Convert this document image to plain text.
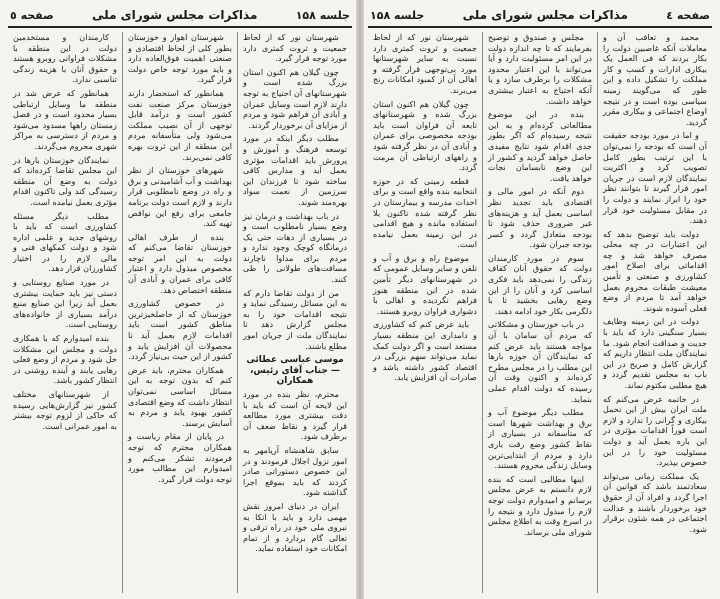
صفحه ٤
مذاکرات مجلس شورای ملی
جلسه ۱۵۸

محمد و تعاقب آن و معاملات آنکه غاصبین دولت را بکار بردند که فی العمل یک بیکاری ادارات و کسب و کار مملکت را تشکیل داده و این طور که می‌گویند زمینه سیاسی بوده است و در نتیجه اوضاع اجتماعی و بیکاری مقرر گردید.

و اما در مورد بودجه حقیقت آن است که بودجه را نمی‌توان با این ترتیب بطور کامل تصویب کرد و اکثریت نمایندگان لازم است در جریان امور قرار گیرند تا بتوانند نظر خود را ابراز نمایند و دولت را در مقابل مسئولیت خود قرار دهند.

دولت باید توضیح بدهد که این اعتبارات در چه محلی مصرف خواهد شد و چه اقداماتی برای اصلاح امور کشاورزی و صنعتی و تأمین معیشت طبقات محروم بعمل خواهد آمد تا مردم از وضع فعلی آسوده شوند.

دولت در این زمینه وظایف بسیار سنگینی دارد که باید با جدیت و صداقت انجام شود. ما نمایندگان ملت انتظار داریم که گزارش کامل و صریح در این باب به مجلس تقدیم گردد و هیچ مطلبی مکتوم نماند.

در خاتمه عرض می‌کنم که ملت ایران بیش از این تحمل بیکاری و گرانی را ندارد و لازم است فوراً اقدامات مؤثری در این باره بعمل آید و دولت مسئولیت خود را در این خصوص بپذیرد.

یک مملکت زمانی می‌تواند سعادتمند باشد که قوانین آن اجرا گردد و افراد آن از حقوق خود برخوردار باشند و عدالت اجتماعی در همه شئون برقرار شود.

مجلس و صندوق و توضیح بفرمایند که تا چه اندازه دولت در این امر مسئولیت دارد و آیا می‌تواند با این اعتبار محدود مشکلات را برطرف سازد و یا آنکه احتیاج به اعتبار بیشتری خواهد داشت.

بنده در این موضوع مطالعاتی کرده‌ام و به این نتیجه رسیده‌ام که اگر بطور جدی اقدام شود نتایج مفیدی حاصل خواهد گردید و کشور از این وضع نابسامان نجات خواهد یافت.

دوم آنکه در امور مالی و اقتصادی باید تجدید نظر اساسی بعمل آید و هزینه‌های غیر ضروری حذف شود تا بودجه متعادل گردد و کسر بودجه جبران شود.

سوم در مورد کارمندان دولت که حقوق آنان کفاف زندگی را نمی‌دهد باید فکری اساسی کرد و آنان را از این وضع رهایی بخشید تا با دلگرمی بکار خود ادامه دهند.

در باب خوزستان و مشکلاتی که مردم آن سامان با آن مواجه هستند باید عرض کنم که نمایندگان آن حوزه بارها این مطلب را در مجلس مطرح کرده‌اند و اکنون وقت آن رسیده که دولت اقدام عملی بنماید.

مطلب دیگر موضوع آب و برق و بهداشت شهرها است که متأسفانه در بسیاری از نقاط کشور وضع رقت باری دارد و مردم از ابتدایی‌ترین وسایل زندگی محروم هستند.

اینها مطالبی است که بنده لازم دانستم به عرض مجلس برسانم و امیدوارم دولت توجه لازم را مبذول دارد و نتیجه را در اسرع وقت به اطلاع مجلس شورای ملی برساند.

شهرستان نور که از لحاظ جمعیت و ثروت کمتری دارد نسبت به سایر شهرستانها مورد بی‌توجهی قرار گرفته و اهالی آن از کمبود امکانات رنج می‌برند.

چون گیلان هم اکنون استان بزرگ شده و شهرستانهای تابعه آن فراوان است باید بودجه مخصوصی برای عمران و آبادی آن در نظر گرفته شود و راههای ارتباطی آن مرمت گردد.

قطعه زمینی که در حوزه انتخابیه بنده واقع است و برای احداث مدرسه و بیمارستان در نظر گرفته شده تاکنون بلا استفاده مانده و هیچ اقدامی در این زمینه بعمل نیامده است.

موضوع راه و برق و آب و تلفن و سایر وسایل عمومی که در شهرستانهای دیگر تأمین شده در این منطقه هنوز فراهم نگردیده و اهالی با دشواری فراوان روبرو هستند.

باید عرض کنم که کشاورزی و دامداری این منطقه بسیار مستعد است و اگر دولت کمک نماید می‌تواند سهم بزرگی در اقتصاد کشور داشته باشد و صادرات آن افزایش یابد.

جلسه ۱۵۸
مذاکرات مجلس شورای ملی
صفحه ٥

شهرستان نور که از لحاظ جمعیت و ثروت کمتری دارد مورد توجه قرار گیرد.

چون گیلان هم اکنون استان بزرگ شده است و شهرستانهای آن احتیاج به توجه دارند لازم است وسایل عمران و آبادی آن فراهم شود و مردم از مزایای آن برخوردار گردند.

مطلب دیگر اینکه در مورد توسعه فرهنگ و آموزش و پرورش باید اقدامات مؤثری بعمل آید و مدارس کافی ساخته شود تا فرزندان این سرزمین از نعمت سواد بهره‌مند شوند.

در باب بهداشت و درمان نیز وضع بسیار نامطلوب است و در بسیاری از دهات حتی یک درمانگاه کوچک وجود ندارد و مردم برای مداوا ناچارند مسافت‌های طولانی را طی کنند.

من از دولت تقاضا دارم که به این مسائل رسیدگی نماید و نتیجه اقدامات خود را به مجلس گزارش دهد تا نمایندگان ملت از جریان امور مطلع باشند.

موسی عباسی عطائی — جناب آقای رئیس، همکاران

محترم، نظر بنده در مورد این لایحه آن است که باید با دقت بیشتری مورد مطالعه قرار گیرد و نقاط ضعف آن برطرف شود.

سابق شاهنشاه آریامهر به امور نزول اجلال فرمودند و در این خصوص دستوراتی صادر کردند که باید بموقع اجرا گذاشته شود.

ایران در دنیای امروز نقش مهمی دارد و باید با اتکا به نیروی ملی خود در راه ترقی و تعالی گام بردارد و از تمام امکانات خود استفاده نماید.

شهرستان اهواز و خوزستان بطور کلی از لحاظ اقتصادی و صنعتی اهمیت فوق‌العاده دارد و باید مورد توجه خاص دولت قرار گیرد.

همانطور که استحضار دارند خوزستان مرکز صنعت نفت کشور است و درآمد قابل توجهی از آن نصیب مملکت می‌شود ولی متأسفانه مردم این منطقه از این ثروت بهره کافی نمی‌برند.

شهرهای خوزستان از نظر بهداشت و آب آشامیدنی و برق و راه در وضع نامطلوبی قرار دارند و لازم است دولت برنامه جامعی برای رفع این نواقص تهیه کند.

بنده از طرف اهالی خوزستان تقاضا می‌کنم که دولت به این امر توجه مخصوص مبذول دارد و اعتبار کافی برای عمران و آبادی آن منطقه اختصاص دهد.

در خصوص کشاورزی خوزستان که از حاصلخیزترین مناطق کشور است باید اقدامات لازم بعمل آید تا محصولات آن افزایش یابد و کشور از این حیث بی‌نیاز گردد.

همکاران محترم، باید عرض کنم که بدون توجه به این مسائل اساسی نمی‌توان انتظار داشت که وضع اقتصادی کشور بهبود یابد و مردم به آسایش برسند.

در پایان از مقام ریاست و همکاران محترم که توجه فرمودند تشکر می‌کنم و امیدوارم این مطالب مورد توجه دولت قرار گیرد.

کارمندان و مستخدمین دولت در این منطقه با مشکلات فراوانی روبرو هستند و حقوق آنان با هزینه زندگی تناسبی ندارد.

همانطور که عرض شد در منطقه ما وسایل ارتباطی بسیار محدود است و در فصل زمستان راهها مسدود می‌شود و مردم از دسترسی به مراکز شهری محروم می‌گردند.

نمایندگان خوزستان بارها در این مجلس تقاضا کرده‌اند که دولت به وضع آن منطقه رسیدگی کند ولی تاکنون اقدام مؤثری بعمل نیامده است.

مطلب دیگر مسئله کشاورزی است که باید با روشهای جدید و علمی اداره شود و دولت کمکهای فنی و مالی لازم را در اختیار کشاورزان قرار دهد.

در مورد صنایع روستایی و دستی نیز باید حمایت بیشتری بعمل آید زیرا این صنایع منبع درآمد بسیاری از خانواده‌های روستایی است.

بنده امیدوارم که با همکاری دولت و مجلس این مشکلات حل شود و مردم از وضع فعلی رهایی یابند و آینده روشنی در انتظار کشور باشد.

از شهرستانهای مختلف کشور نیز گزارش‌هایی رسیده که حاکی از لزوم توجه بیشتر به امور عمرانی است.
